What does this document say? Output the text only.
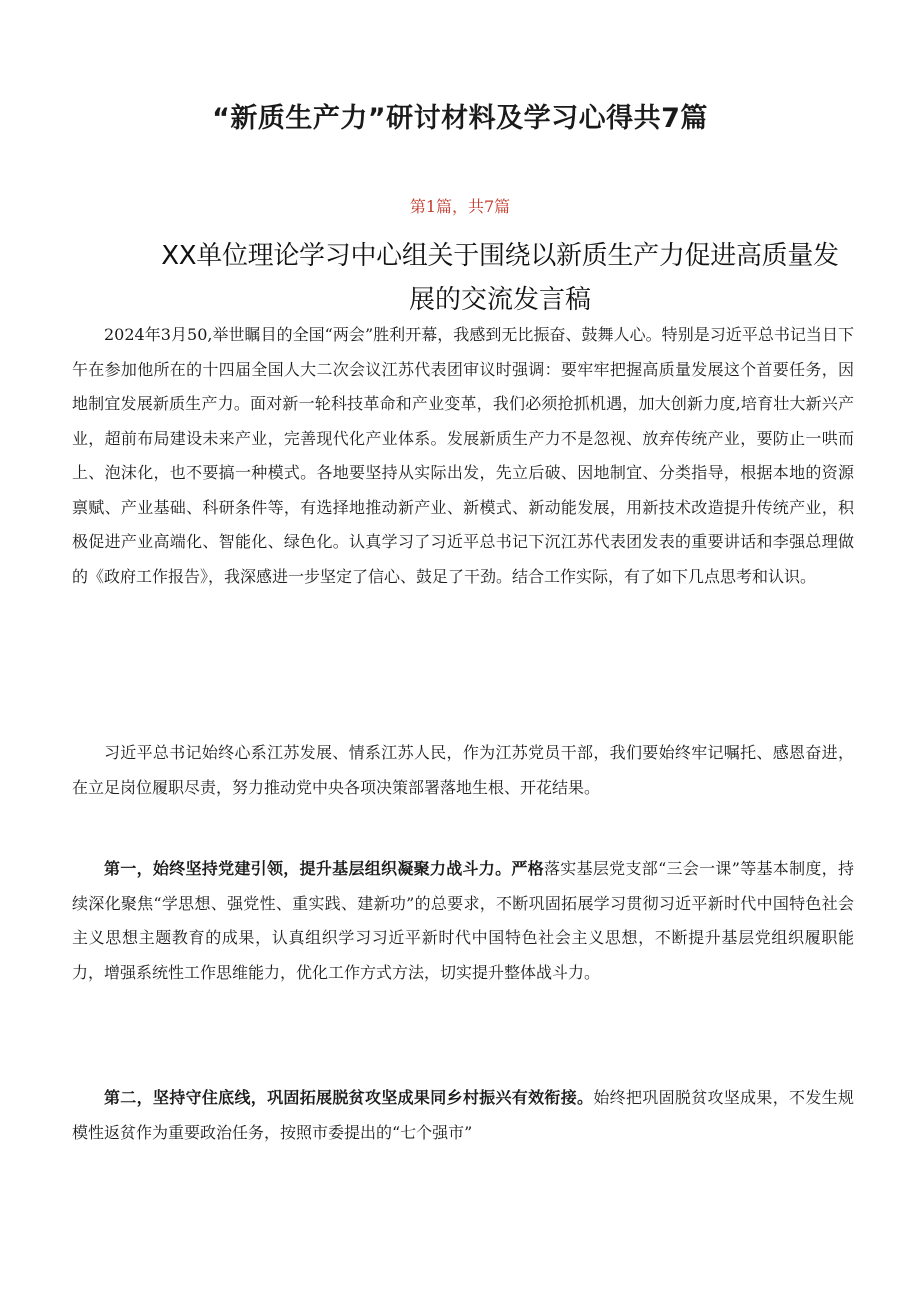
“新质生产力”研讨材料及学习心得共7篇
第1篇，共7篇
XX单位理论学习中心组关于围绕以新质生产力促进高质量发
展的交流发言稿

2024年3月50,举世瞩目的全国“两会”胜利开幕，我感到无比振奋、鼓舞人心。特别是习近平总书记当日下午在参加他所在的十四届全国人大二次会议江苏代表团审议时强调：要牢牢把握高质量发展这个首要任务，因地制宜发展新质生产力。面对新一轮科技革命和产业变革，我们必须抢抓机遇，加大创新力度,培育壮大新兴产业，超前布局建设未来产业，完善现代化产业体系。发展新质生产力不是忽视、放弃传统产业，要防止一哄而上、泡沫化，也不要搞一种模式。各地要坚持从实际出发，先立后破、因地制宜、分类指导，根据本地的资源禀赋、产业基础、科研条件等，有选择地推动新产业、新模式、新动能发展，用新技术改造提升传统产业，积极促进产业高端化、智能化、绿色化。认真学习了习近平总书记下沉江苏代表团发表的重要讲话和李强总理做的《政府工作报告》，我深感进一步坚定了信心、鼓足了干劲。结合工作实际，有了如下几点思考和认识。

习近平总书记始终心系江苏发展、情系江苏人民，作为江苏党员干部，我们要始终牢记嘱托、感恩奋进，在立足岗位履职尽责，努力推动党中央各项决策部署落地生根、开花结果。

第一，始终坚持党建引领，提升基层组织凝聚力战斗力。严格落实基层党支部“三会一课”等基本制度，持续深化聚焦“学思想、强党性、重实践、建新功”的总要求，不断巩固拓展学习贯彻习近平新时代中国特色社会主义思想主题教育的成果，认真组织学习习近平新时代中国特色社会主义思想，不断提升基层党组织履职能力，增强系统性工作思维能力，优化工作方式方法，切实提升整体战斗力。

第二，坚持守住底线，巩固拓展脱贫攻坚成果同乡村振兴有效衔接。始终把巩固脱贫攻坚成果，不发生规模性返贫作为重要政治任务，按照市委提出的“七个强市”
